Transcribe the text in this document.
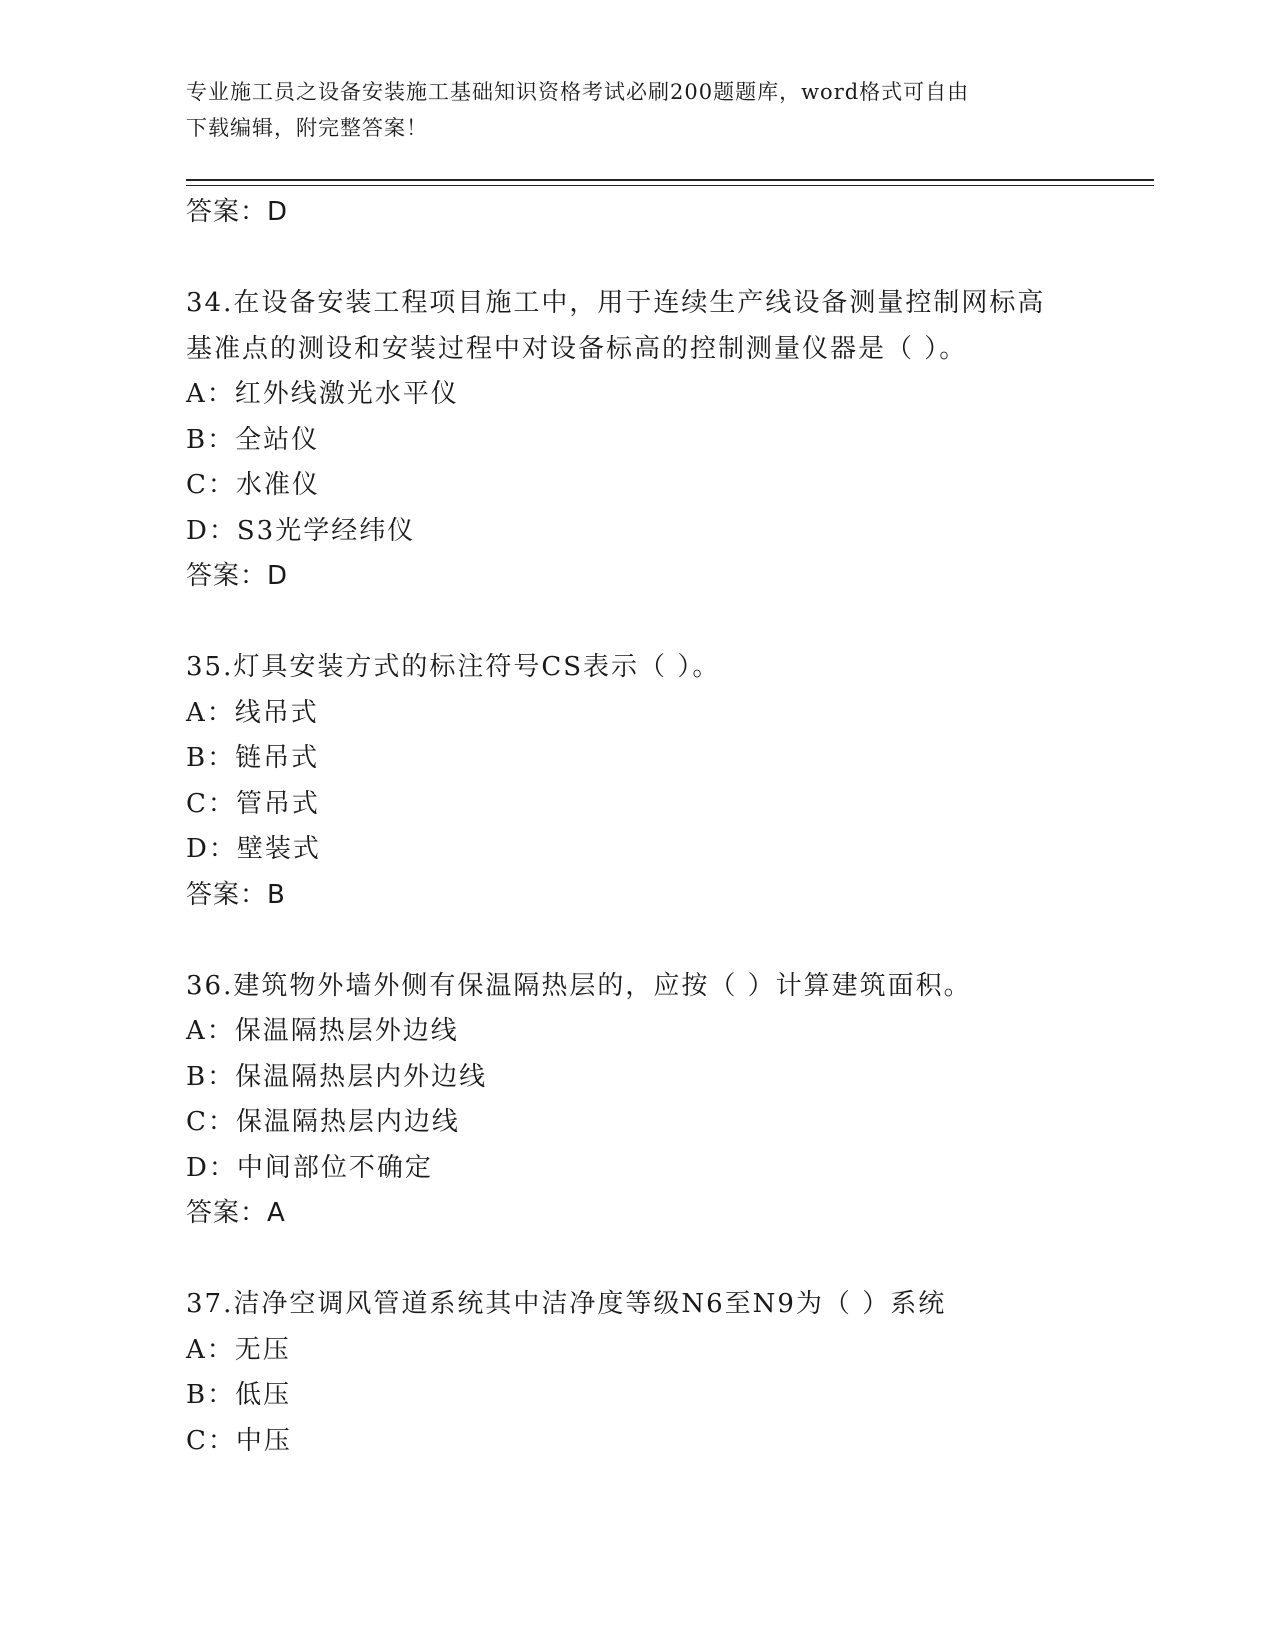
专业施工员之设备安装施工基础知识资格考试必刷200题题库，word格式可自由
下载编辑，附完整答案！
答案：D
34.在设备安装工程项目施工中，用于连续生产线设备测量控制网标高
基准点的测设和安装过程中对设备标高的控制测量仪器是（ ）。
A：红外线激光水平仪
B：全站仪
C：水准仪
D：S3光学经纬仪
答案：D
35.灯具安装方式的标注符号CS表示（ ）。
A：线吊式
B：链吊式
C：管吊式
D：壁装式
答案：B
36.建筑物外墙外侧有保温隔热层的，应按（ ）计算建筑面积。
A：保温隔热层外边线
B：保温隔热层内外边线
C：保温隔热层内边线
D：中间部位不确定
答案：A
37.洁净空调风管道系统其中洁净度等级N6至N9为（ ）系统
A：无压
B：低压
C：中压
